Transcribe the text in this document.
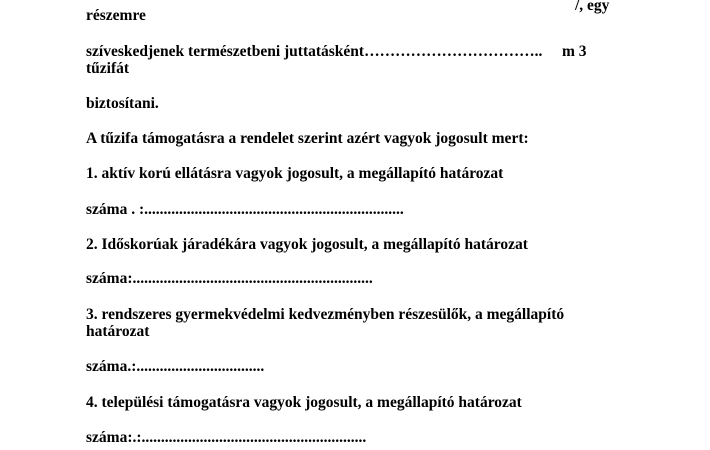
/, egy
részemre
szíveskedjenek természetbeni juttatásként…………………………….. m 3
tűzifát
biztosítani.
A tűzifa támogatásra a rendelet szerint azért vagyok jogosult mert:
1. aktív korú ellátásra vagyok jogosult, a megállapító határozat
száma . :...................................................................
2. Időskorúak járadékára vagyok jogosult, a megállapító határozat
száma:..............................................................
3. rendszeres gyermekvédelmi kedvezményben részesülők, a megállapító
határozat
száma.:.................................
4. települési támogatásra vagyok jogosult, a megállapító határozat
száma:.:..........................................................
